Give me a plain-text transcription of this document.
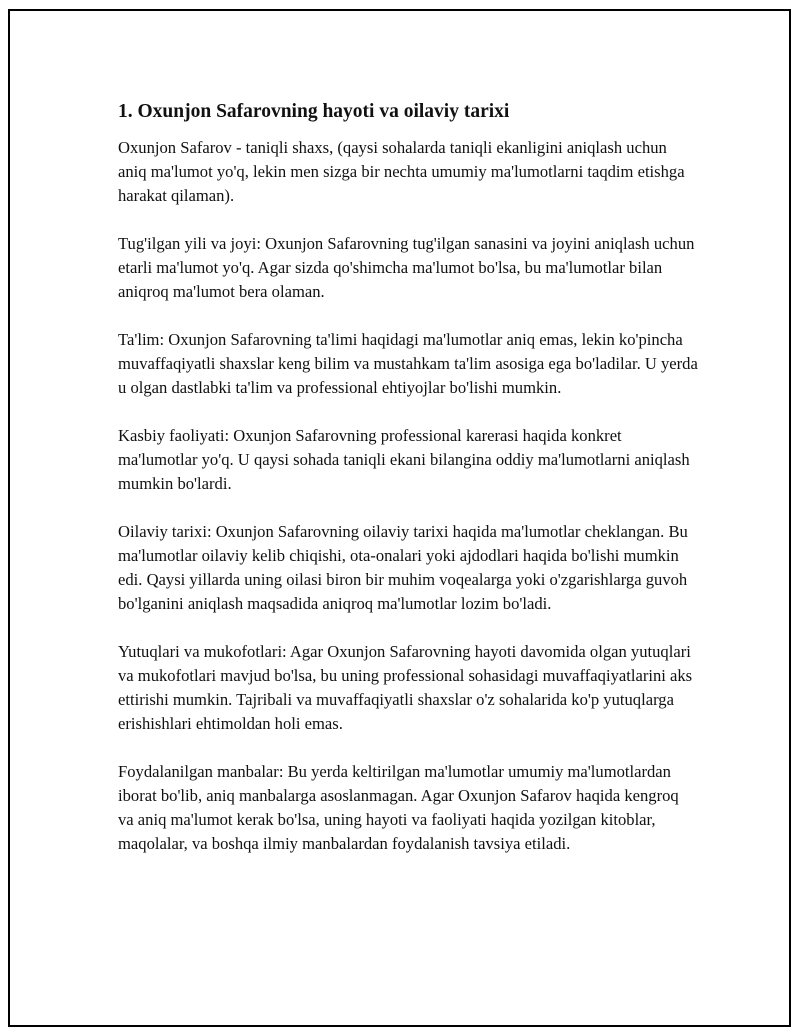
1. Oxunjon Safarovning hayoti va oilaviy tarixi

Oxunjon Safarov - taniqli shaxs, (qaysi sohalarda taniqli ekanligini aniqlash uchun aniq ma'lumot yo'q, lekin men sizga bir nechta umumiy ma'lumotlarni taqdim etishga harakat qilaman).

Tug'ilgan yili va joyi: Oxunjon Safarovning tug'ilgan sanasini va joyini aniqlash uchun etarli ma'lumot yo'q. Agar sizda qo'shimcha ma'lumot bo'lsa, bu ma'lumotlar bilan aniqroq ma'lumot bera olaman.

Ta'lim: Oxunjon Safarovning ta'limi haqidagi ma'lumotlar aniq emas, lekin ko'pincha muvaffaqiyatli shaxslar keng bilim va mustahkam ta'lim asosiga ega bo'ladilar. U yerda u olgan dastlabki ta'lim va professional ehtiyojlar bo'lishi mumkin.

Kasbiy faoliyati: Oxunjon Safarovning professional karerasi haqida konkret ma'lumotlar yo'q. U qaysi sohada taniqli ekani bilangina oddiy ma'lumotlarni aniqlash mumkin bo'lardi.

Oilaviy tarixi: Oxunjon Safarovning oilaviy tarixi haqida ma'lumotlar cheklangan. Bu ma'lumotlar oilaviy kelib chiqishi, ota-onalari yoki ajdodlari haqida bo'lishi mumkin edi. Qaysi yillarda uning oilasi biron bir muhim voqealarga yoki o'zgarishlarga guvoh bo'lganini aniqlash maqsadida aniqroq ma'lumotlar lozim bo'ladi.

Yutuqlari va mukofotlari: Agar Oxunjon Safarovning hayoti davomida olgan yutuqlari va mukofotlari mavjud bo'lsa, bu uning professional sohasidagi muvaffaqiyatlarini aks ettirishi mumkin. Tajribali va muvaffaqiyatli shaxslar o'z sohalarida ko'p yutuqlarga erishishlari ehtimoldan holi emas.

Foydalanilgan manbalar: Bu yerda keltirilgan ma'lumotlar umumiy ma'lumotlardan iborat bo'lib, aniq manbalarga asoslanmagan. Agar Oxunjon Safarov haqida kengroq va aniq ma'lumot kerak bo'lsa, uning hayoti va faoliyati haqida yozilgan kitoblar, maqolalar, va boshqa ilmiy manbalardan foydalanish tavsiya etiladi.
